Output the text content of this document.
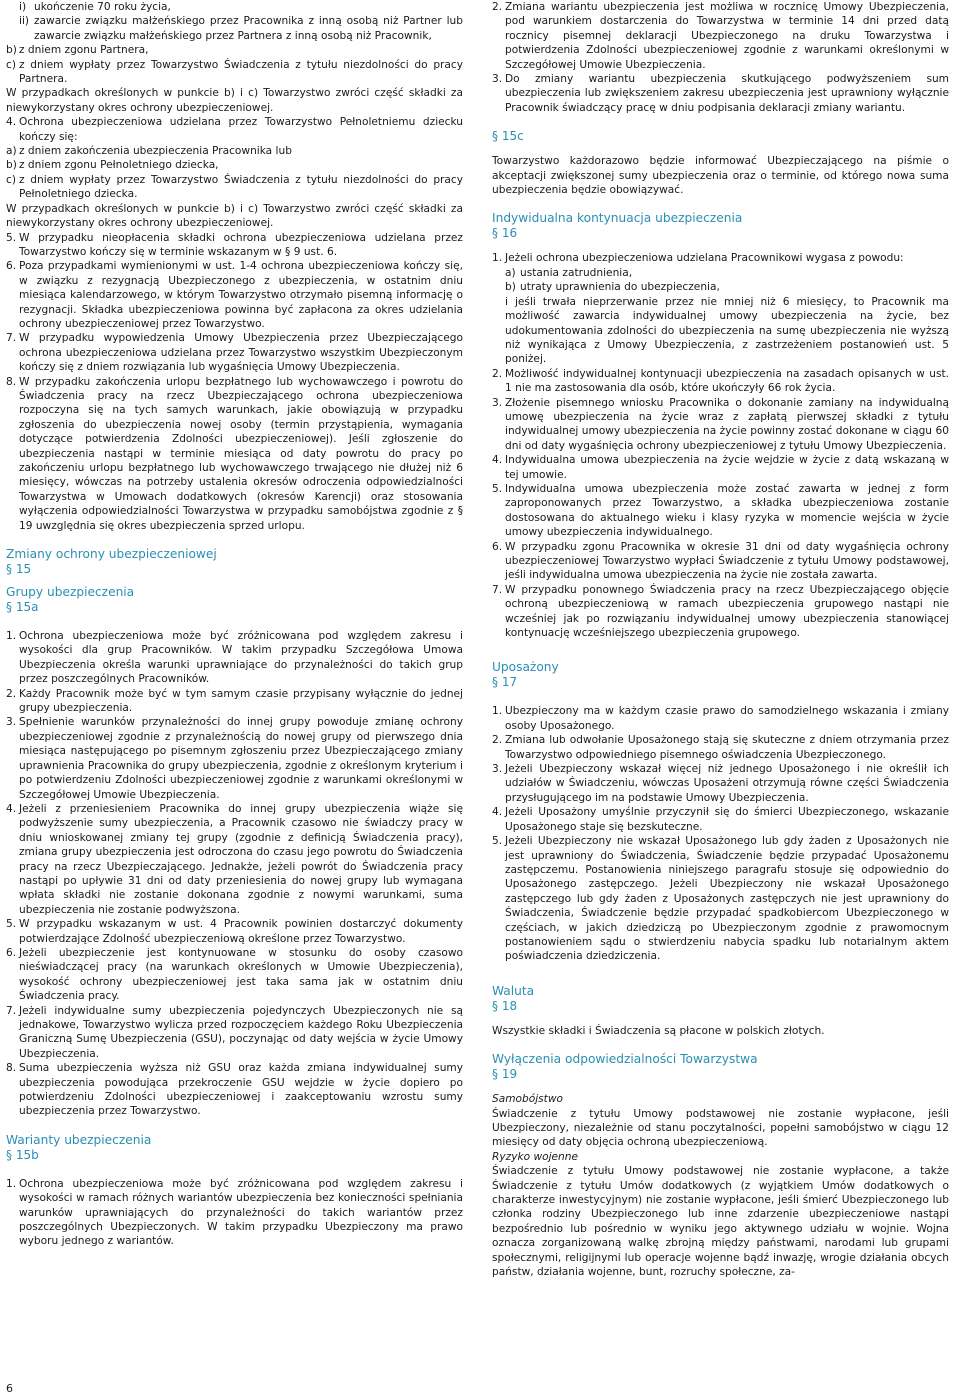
i) ukończenie 70 roku życia,
ii) zawarcie związku małżeńskiego przez Pracownika z inną osobą niż Partner lub zawarcie związku małżeńskiego przez Partnera z inną osobą niż Pracownik,
b) z dniem zgonu Partnera,
c) z dniem wypłaty przez Towarzystwo Świadczenia z tytułu niezdolności do pracy Partnera.
W przypadkach określonych w punkcie b) i c) Towarzystwo zwróci część składki za niewykorzystany okres ochrony ubezpieczeniowej.
4. Ochrona ubezpieczeniowa udzielana przez Towarzystwo Pełnoletniemu dziecku kończy się:
a) z dniem zakończenia ubezpieczenia Pracownika lub
b) z dniem zgonu Pełnoletniego dziecka,
c) z dniem wypłaty przez Towarzystwo Świadczenia z tytułu niezdolności do pracy Pełnoletniego dziecka.
W przypadkach określonych w punkcie b) i c) Towarzystwo zwróci część składki za niewykorzystany okres ochrony ubezpieczeniowej.
5. W przypadku nieopłacenia składki ochrona ubezpieczeniowa udzielana przez Towarzystwo kończy się w terminie wskazanym w § 9 ust. 6.
6. Poza przypadkami wymienionymi w ust. 1-4 ochrona ubezpieczeniowa kończy się, w związku z rezygnacją Ubezpieczonego z ubezpieczenia, w ostatnim dniu miesiąca kalendarzowego, w którym Towarzystwo otrzymało pisemną informację o rezygnacji. Składka ubezpieczeniowa powinna być zapłacona za okres udzielania ochrony ubezpieczeniowej przez Towarzystwo.
7. W przypadku wypowiedzenia Umowy Ubezpieczenia przez Ubezpieczającego ochrona ubezpieczeniowa udzielana przez Towarzystwo wszystkim Ubezpieczonym kończy się z dniem rozwiązania lub wygaśnięcia Umowy Ubezpieczenia.
8. W przypadku zakończenia urlopu bezpłatnego lub wychowawczego i powrotu do Świadczenia pracy na rzecz Ubezpieczającego ochrona ubezpieczeniowa rozpoczyna się na tych samych warunkach, jakie obowiązują w przypadku zgłoszenia do ubezpieczenia nowej osoby (termin przystąpienia, wymagania dotyczące potwierdzenia Zdolności ubezpieczeniowej). Jeśli zgłoszenie do ubezpieczenia nastąpi w terminie miesiąca od daty powrotu do pracy po zakończeniu urlopu bezpłatnego lub wychowawczego trwającego nie dłużej niż 6 miesięcy, wówczas na potrzeby ustalenia okresów odroczenia odpowiedzialności Towarzystwa w Umowach dodatkowych (okresów Karencji) oraz stosowania wyłączenia odpowiedzialności Towarzystwa w przypadku samobójstwa zgodnie z § 19 uwzględnia się okres ubezpieczenia sprzed urlopu.
Zmiany ochrony ubezpieczeniowej
§ 15
Grupy ubezpieczenia
§ 15a
1. Ochrona ubezpieczeniowa może być zróżnicowana pod względem zakresu i wysokości dla grup Pracowników. W takim przypadku Szczegółowa Umowa Ubezpieczenia określa warunki uprawniające do przynależności do takich grup przez poszczególnych Pracowników.
2. Każdy Pracownik może być w tym samym czasie przypisany wyłącznie do jednej grupy ubezpieczenia.
3. Spełnienie warunków przynależności do innej grupy powoduje zmianę ochrony ubezpieczeniowej zgodnie z przynależnością do nowej grupy od pierwszego dnia miesiąca następującego po pisemnym zgłoszeniu przez Ubezpieczającego zmiany uprawnienia Pracownika do grupy ubezpieczenia, zgodnie z określonym kryterium i po potwierdzeniu Zdolności ubezpieczeniowej zgodnie z warunkami określonymi w Szczegółowej Umowie Ubezpieczenia.
4. Jeżeli z przeniesieniem Pracownika do innej grupy ubezpieczenia wiąże się podwyższenie sumy ubezpieczenia, a Pracownik czasowo nie świadczy pracy w dniu wnioskowanej zmiany tej grupy (zgodnie z definicją Świadczenia pracy), zmiana grupy ubezpieczenia jest odroczona do czasu jego powrotu do Świadczenia pracy na rzecz Ubezpieczającego. Jednakże, jeżeli powrót do Świadczenia pracy nastąpi po upływie 31 dni od daty przeniesienia do nowej grupy lub wymagana wpłata składki nie zostanie dokonana zgodnie z nowymi warunkami, suma ubezpieczenia nie zostanie podwyższona.
5. W przypadku wskazanym w ust. 4 Pracownik powinien dostarczyć dokumenty potwierdzające Zdolność ubezpieczeniową określone przez Towarzystwo.
6. Jeżeli ubezpieczenie jest kontynuowane w stosunku do osoby czasowo nieświadczącej pracy (na warunkach określonych w Umowie Ubezpieczenia), wysokość ochrony ubezpieczeniowej jest taka sama jak w ostatnim dniu Świadczenia pracy.
7. Jeżeli indywidualne sumy ubezpieczenia pojedynczych Ubezpieczonych nie są jednakowe, Towarzystwo wylicza przed rozpoczęciem każdego Roku Ubezpieczenia Graniczną Sumę Ubezpieczenia (GSU), poczynając od daty wejścia w życie Umowy Ubezpieczenia.
8. Suma ubezpieczenia wyższa niż GSU oraz każda zmiana indywidualnej sumy ubezpieczenia powodująca przekroczenie GSU wejdzie w życie dopiero po potwierdzeniu Zdolności ubezpieczeniowej i zaakceptowaniu wzrostu sumy ubezpieczenia przez Towarzystwo.
Warianty ubezpieczenia
§ 15b
1. Ochrona ubezpieczeniowa może być zróżnicowana pod względem zakresu i wysokości w ramach różnych wariantów ubezpieczenia bez konieczności spełniania warunków uprawniających do przynależności do takich wariantów przez poszczególnych Ubezpieczonych. W takim przypadku Ubezpieczony ma prawo wyboru jednego z wariantów.
2. Zmiana wariantu ubezpieczenia jest możliwa w rocznicę Umowy Ubezpieczenia, pod warunkiem dostarczenia do Towarzystwa w terminie 14 dni przed datą rocznicy pisemnej deklaracji Ubezpieczonego na druku Towarzystwa i potwierdzenia Zdolności ubezpieczeniowej zgodnie z warunkami określonymi w Szczegółowej Umowie Ubezpieczenia.
3. Do zmiany wariantu ubezpieczenia skutkującego podwyższeniem sum ubezpieczenia lub zwiększeniem zakresu ubezpieczenia jest uprawniony wyłącznie Pracownik świadczący pracę w dniu podpisania deklaracji zmiany wariantu.
§ 15c
Towarzystwo każdorazowo będzie informować Ubezpieczającego na piśmie o akceptacji zwiększonej sumy ubezpieczenia oraz o terminie, od którego nowa suma ubezpieczenia będzie obowiązywać.
Indywidualna kontynuacja ubezpieczenia
§ 16
1. Jeżeli ochrona ubezpieczeniowa udzielana Pracownikowi wygasa z powodu:
a) ustania zatrudnienia,
b) utraty uprawnienia do ubezpieczenia,
i jeśli trwała nieprzerwanie przez nie mniej niż 6 miesięcy, to Pracownik ma możliwość zawarcia indywidualnej umowy ubezpieczenia na życie, bez udokumentowania zdolności do ubezpieczenia na sumę ubezpieczenia nie wyższą niż wynikająca z Umowy Ubezpieczenia, z zastrzeżeniem postanowień ust. 5 poniżej.
2. Możliwość indywidualnej kontynuacji ubezpieczenia na zasadach opisanych w ust. 1 nie ma zastosowania dla osób, które ukończyły 66 rok życia.
3. Złożenie pisemnego wniosku Pracownika o dokonanie zamiany na indywidualną umowę ubezpieczenia na życie wraz z zapłatą pierwszej składki z tytułu indywidualnej umowy ubezpieczenia na życie powinny zostać dokonane w ciągu 60 dni od daty wygaśnięcia ochrony ubezpieczeniowej z tytułu Umowy Ubezpieczenia.
4. Indywidualna umowa ubezpieczenia na życie wejdzie w życie z datą wskazaną w tej umowie.
5. Indywidualna umowa ubezpieczenia może zostać zawarta w jednej z form zaproponowanych przez Towarzystwo, a składka ubezpieczeniowa zostanie dostosowana do aktualnego wieku i klasy ryzyka w momencie wejścia w życie umowy ubezpieczenia indywidualnego.
6. W przypadku zgonu Pracownika w okresie 31 dni od daty wygaśnięcia ochrony ubezpieczeniowej Towarzystwo wypłaci Świadczenie z tytułu Umowy podstawowej, jeśli indywidualna umowa ubezpieczenia na życie nie została zawarta.
7. W przypadku ponownego Świadczenia pracy na rzecz Ubezpieczającego objęcie ochroną ubezpieczeniową w ramach ubezpieczenia grupowego nastąpi nie wcześniej jak po rozwiązaniu indywidualnej umowy ubezpieczenia stanowiącej kontynuację wcześniejszego ubezpieczenia grupowego.
Uposażony
§ 17
1. Ubezpieczony ma w każdym czasie prawo do samodzielnego wskazania i zmiany osoby Uposażonego.
2. Zmiana lub odwołanie Uposażonego stają się skuteczne z dniem otrzymania przez Towarzystwo odpowiedniego pisemnego oświadczenia Ubezpieczonego.
3. Jeżeli Ubezpieczony wskazał więcej niż jednego Uposażonego i nie określił ich udziałów w Świadczeniu, wówczas Uposażeni otrzymują równe części Świadczenia przysługującego im na podstawie Umowy Ubezpieczenia.
4. Jeżeli Uposażony umyślnie przyczynił się do śmierci Ubezpieczonego, wskazanie Uposażonego staje się bezskuteczne.
5. Jeżeli Ubezpieczony nie wskazał Uposażonego lub gdy żaden z Uposażonych nie jest uprawniony do Świadczenia, Świadczenie będzie przypadać Uposażonemu zastępczemu. Postanowienia niniejszego paragrafu stosuje się odpowiednio do Uposażonego zastępczego. Jeżeli Ubezpieczony nie wskazał Uposażonego zastępczego lub gdy żaden z Uposażonych zastępczych nie jest uprawniony do Świadczenia, Świadczenie będzie przypadać spadkobiercom Ubezpieczonego w częściach, w jakich dziedziczą po Ubezpieczonym zgodnie z prawomocnym postanowieniem sądu o stwierdzeniu nabycia spadku lub notarialnym aktem poświadczenia dziedziczenia.
Waluta
§ 18
Wszystkie składki i Świadczenia są płacone w polskich złotych.
Wyłączenia odpowiedzialności Towarzystwa
§ 19
Samobójstwo
Świadczenie z tytułu Umowy podstawowej nie zostanie wypłacone, jeśli Ubezpieczony, niezależnie od stanu poczytalności, popełni samobójstwo w ciągu 12 miesięcy od daty objęcia ochroną ubezpieczeniową.
Ryzyko wojenne
Świadczenie z tytułu Umowy podstawowej nie zostanie wypłacone, a także Świadczenie z tytułu Umów dodatkowych (z wyjątkiem Umów dodatkowych o charakterze inwestycyjnym) nie zostanie wypłacone, jeśli śmierć Ubezpieczonego lub członka rodziny Ubezpieczonego lub inne zdarzenie ubezpieczeniowe nastąpi bezpośrednio lub pośrednio w wyniku jego aktywnego udziału w wojnie. Wojna oznacza zorganizowaną walkę zbrojną między państwami, narodami lub grupami społecznymi, religijnymi lub operacje wojenne bądź inwazję, wrogie działania obcych państw, działania wojenne, bunt, rozruchy społeczne, za-
6
